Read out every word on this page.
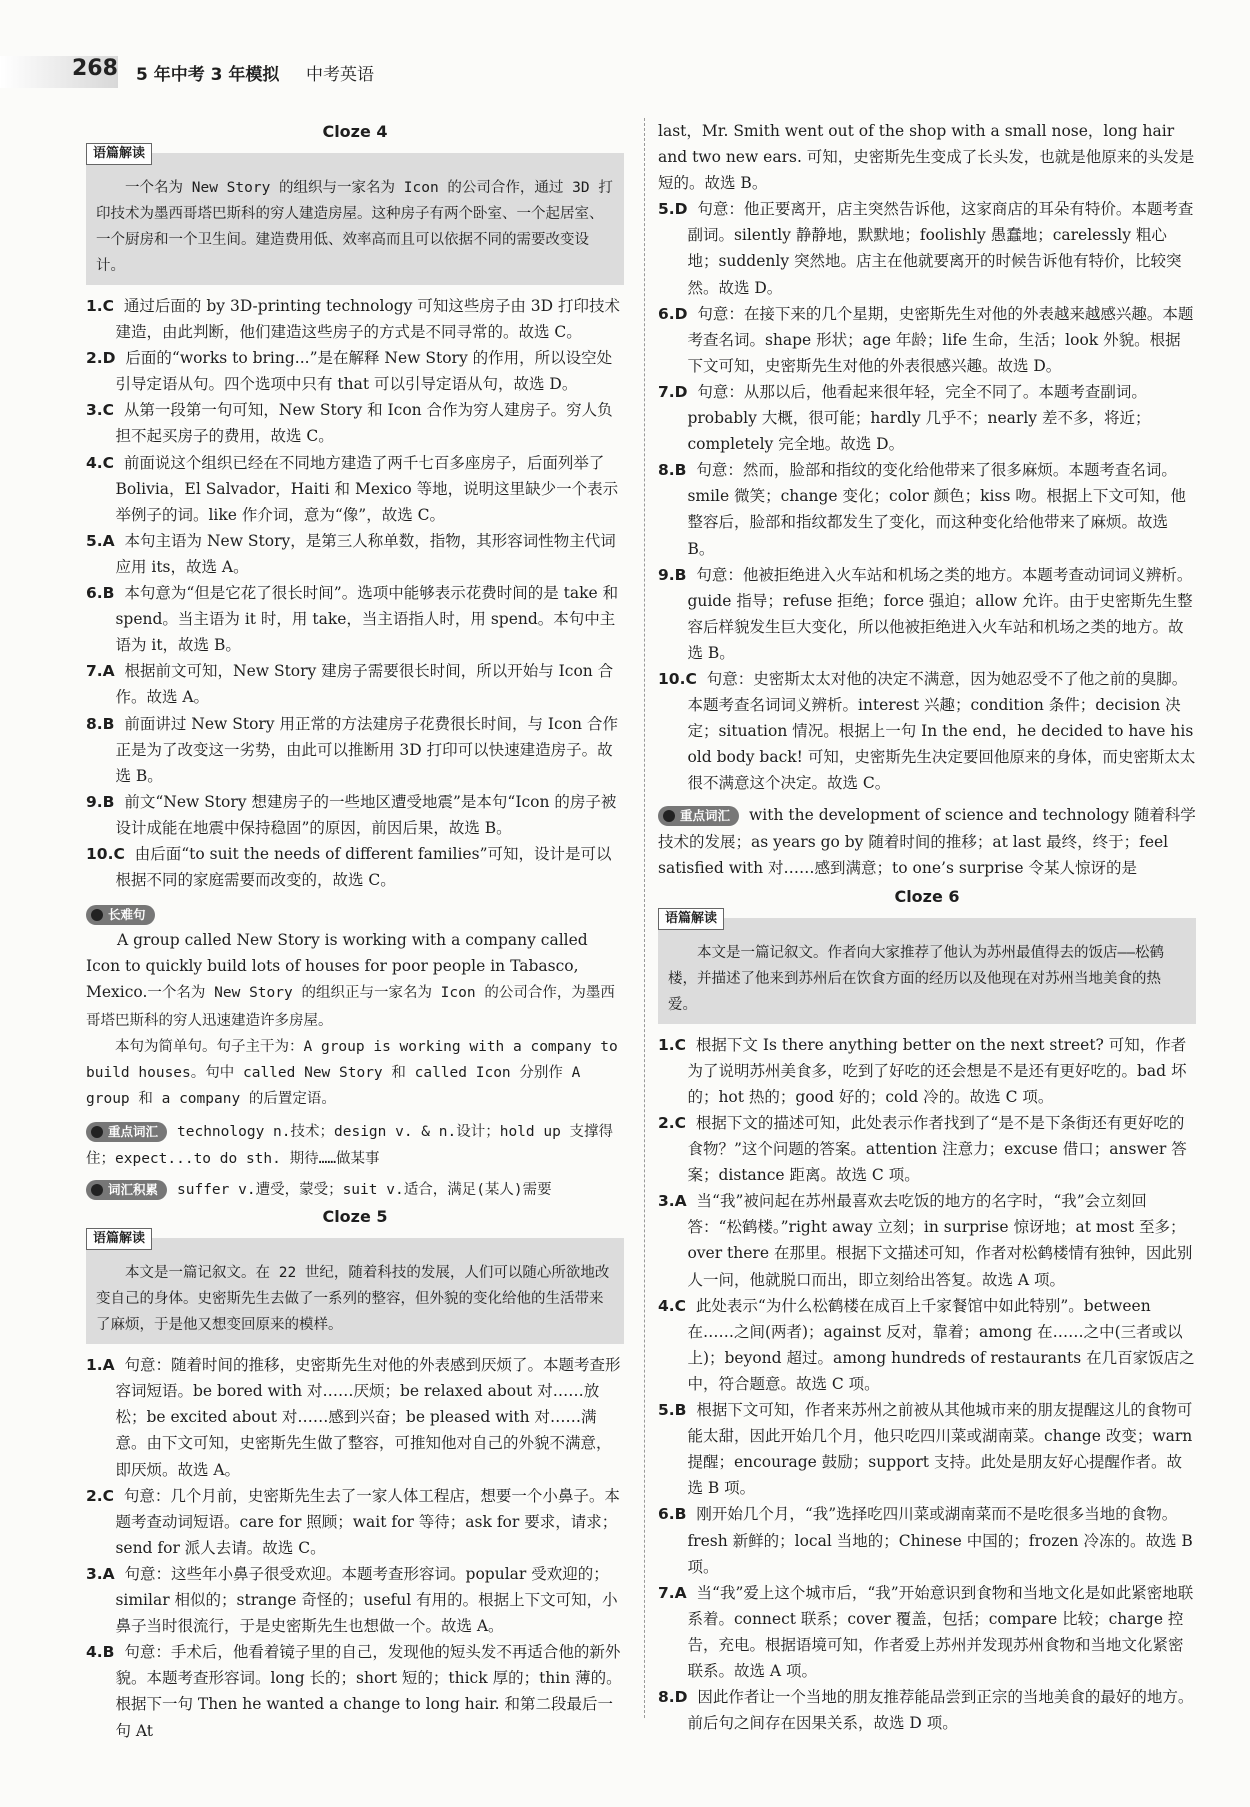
268 5 年中考 3 年模拟 中考英语
Cloze 4
语篇解读
一个名为 New Story 的组织与一家名为 Icon 的公司合作，通过 3D 打印技术为墨西哥塔巴斯科的穷人建造房屋。这种房子有两个卧室、一个起居室、一个厨房和一个卫生间。建造费用低、效率高而且可以依据不同的需要改变设计。

1.C 通过后面的 by 3D-printing technology 可知这些房子由 3D 打印技术建造，由此判断，他们建造这些房子的方式是不同寻常的。故选 C。

2.D 后面的“works to bring...”是在解释 New Story 的作用，所以设空处引导定语从句。四个选项中只有 that 可以引导定语从句，故选 D。

3.C 从第一段第一句可知，New Story 和 Icon 合作为穷人建房子。穷人负担不起买房子的费用，故选 C。

4.C 前面说这个组织已经在不同地方建造了两千七百多座房子，后面列举了 Bolivia，El Salvador，Haiti 和 Mexico 等地，说明这里缺少一个表示举例子的词。like 作介词，意为“像”，故选 C。

5.A 本句主语为 New Story，是第三人称单数，指物，其形容词性物主代词应用 its，故选 A。

6.B 本句意为“但是它花了很长时间”。选项中能够表示花费时间的是 take 和 spend。当主语为 it 时，用 take，当主语指人时，用 spend。本句中主语为 it，故选 B。

7.A 根据前文可知，New Story 建房子需要很长时间，所以开始与 Icon 合作。故选 A。

8.B 前面讲过 New Story 用正常的方法建房子花费很长时间，与 Icon 合作正是为了改变这一劣势，由此可以推断用 3D 打印可以快速建造房子。故选 B。

9.B 前文“New Story 想建房子的一些地区遭受地震”是本句“Icon 的房子被设计成能在地震中保持稳固”的原因，前因后果，故选 B。

10.C 由后面“to suit the needs of different families”可知，设计是可以根据不同的家庭需要而改变的，故选 C。

长难句

A group called New Story is working with a company called Icon to quickly build lots of houses for poor people in Tabasco, Mexico.一个名为 New Story 的组织正与一家名为 Icon 的公司合作，为墨西哥塔巴斯科的穷人迅速建造许多房屋。

本句为简单句。句子主干为：A group is working with a company to build houses。句中 called New Story 和 called Icon 分别作 A group 和 a company 的后置定语。

重点词汇 technology n.技术；design v. & n.设计；hold up 支撑得住；expect...to do sth. 期待……做某事

词汇积累 suffer v.遭受，蒙受；suit v.适合，满足(某人)需要

Cloze 5
语篇解读
本文是一篇记叙文。在 22 世纪，随着科技的发展，人们可以随心所欲地改变自己的身体。史密斯先生去做了一系列的整容，但外貌的变化给他的生活带来了麻烦，于是他又想变回原来的模样。

1.A 句意：随着时间的推移，史密斯先生对他的外表感到厌烦了。本题考查形容词短语。be bored with 对……厌烦；be relaxed about 对……放松；be excited about 对……感到兴奋；be pleased with 对……满意。由下文可知，史密斯先生做了整容，可推知他对自己的外貌不满意，即厌烦。故选 A。

2.C 句意：几个月前，史密斯先生去了一家人体工程店，想要一个小鼻子。本题考查动词短语。care for 照顾；wait for 等待；ask for 要求，请求；send for 派人去请。故选 C。

3.A 句意：这些年小鼻子很受欢迎。本题考查形容词。popular 受欢迎的；similar 相似的；strange 奇怪的；useful 有用的。根据上下文可知，小鼻子当时很流行，于是史密斯先生也想做一个。故选 A。

4.B 句意：手术后，他看着镜子里的自己，发现他的短头发不再适合他的新外貌。本题考查形容词。long 长的；short 短的；thick 厚的；thin 薄的。根据下一句 Then he wanted a change to long hair. 和第二段最后一句 At

last，Mr. Smith went out of the shop with a small nose，long hair and two new ears. 可知，史密斯先生变成了长头发，也就是他原来的头发是短的。故选 B。

5.D 句意：他正要离开，店主突然告诉他，这家商店的耳朵有特价。本题考查副词。silently 静静地，默默地；foolishly 愚蠢地；carelessly 粗心地；suddenly 突然地。店主在他就要离开的时候告诉他有特价，比较突然。故选 D。

6.D 句意：在接下来的几个星期，史密斯先生对他的外表越来越感兴趣。本题考查名词。shape 形状；age 年龄；life 生命，生活；look 外貌。根据下文可知，史密斯先生对他的外表很感兴趣。故选 D。

7.D 句意：从那以后，他看起来很年轻，完全不同了。本题考查副词。probably 大概，很可能；hardly 几乎不；nearly 差不多，将近；completely 完全地。故选 D。

8.B 句意：然而，脸部和指纹的变化给他带来了很多麻烦。本题考查名词。smile 微笑；change 变化；color 颜色；kiss 吻。根据上下文可知，他整容后，脸部和指纹都发生了变化，而这种变化给他带来了麻烦。故选 B。

9.B 句意：他被拒绝进入火车站和机场之类的地方。本题考查动词词义辨析。guide 指导；refuse 拒绝；force 强迫；allow 允许。由于史密斯先生整容后样貌发生巨大变化，所以他被拒绝进入火车站和机场之类的地方。故选 B。

10.C 句意：史密斯太太对他的决定不满意，因为她忍受不了他之前的臭脚。本题考查名词词义辨析。interest 兴趣；condition 条件；decision 决定；situation 情况。根据上一句 In the end，he decided to have his old body back! 可知，史密斯先生决定要回他原来的身体，而史密斯太太很不满意这个决定。故选 C。

重点词汇 with the development of science and technology 随着科学技术的发展；as years go by 随着时间的推移；at last 最终，终于；feel satisfied with 对……感到满意；to one’s surprise 令某人惊讶的是

Cloze 6
语篇解读
本文是一篇记叙文。作者向大家推荐了他认为苏州最值得去的饭店——松鹤楼，并描述了他来到苏州后在饮食方面的经历以及他现在对苏州当地美食的热爱。

1.C 根据下文 Is there anything better on the next street? 可知，作者为了说明苏州美食多，吃到了好吃的还会想是不是还有更好吃的。bad 坏的；hot 热的；good 好的；cold 冷的。故选 C 项。

2.C 根据下文的描述可知，此处表示作者找到了“是不是下条街还有更好吃的食物？”这个问题的答案。attention 注意力；excuse 借口；answer 答案；distance 距离。故选 C 项。

3.A 当“我”被问起在苏州最喜欢去吃饭的地方的名字时，“我”会立刻回答：“松鹤楼。”right away 立刻；in surprise 惊讶地；at most 至多；over there 在那里。根据下文描述可知，作者对松鹤楼情有独钟，因此别人一问，他就脱口而出，即立刻给出答复。故选 A 项。

4.C 此处表示“为什么松鹤楼在成百上千家餐馆中如此特别”。between 在……之间(两者)；against 反对，靠着；among 在……之中(三者或以上)；beyond 超过。among hundreds of restaurants 在几百家饭店之中，符合题意。故选 C 项。

5.B 根据下文可知，作者来苏州之前被从其他城市来的朋友提醒这儿的食物可能太甜，因此开始几个月，他只吃四川菜或湖南菜。change 改变；warn 提醒；encourage 鼓励；support 支持。此处是朋友好心提醒作者。故选 B 项。

6.B 刚开始几个月，“我”选择吃四川菜或湖南菜而不是吃很多当地的食物。fresh 新鲜的；local 当地的；Chinese 中国的；frozen 冷冻的。故选 B 项。

7.A 当“我”爱上这个城市后，“我”开始意识到食物和当地文化是如此紧密地联系着。connect 联系；cover 覆盖，包括；compare 比较；charge 控告，充电。根据语境可知，作者爱上苏州并发现苏州食物和当地文化紧密联系。故选 A 项。

8.D 因此作者让一个当地的朋友推荐能品尝到正宗的当地美食的最好的地方。前后句之间存在因果关系，故选 D 项。
